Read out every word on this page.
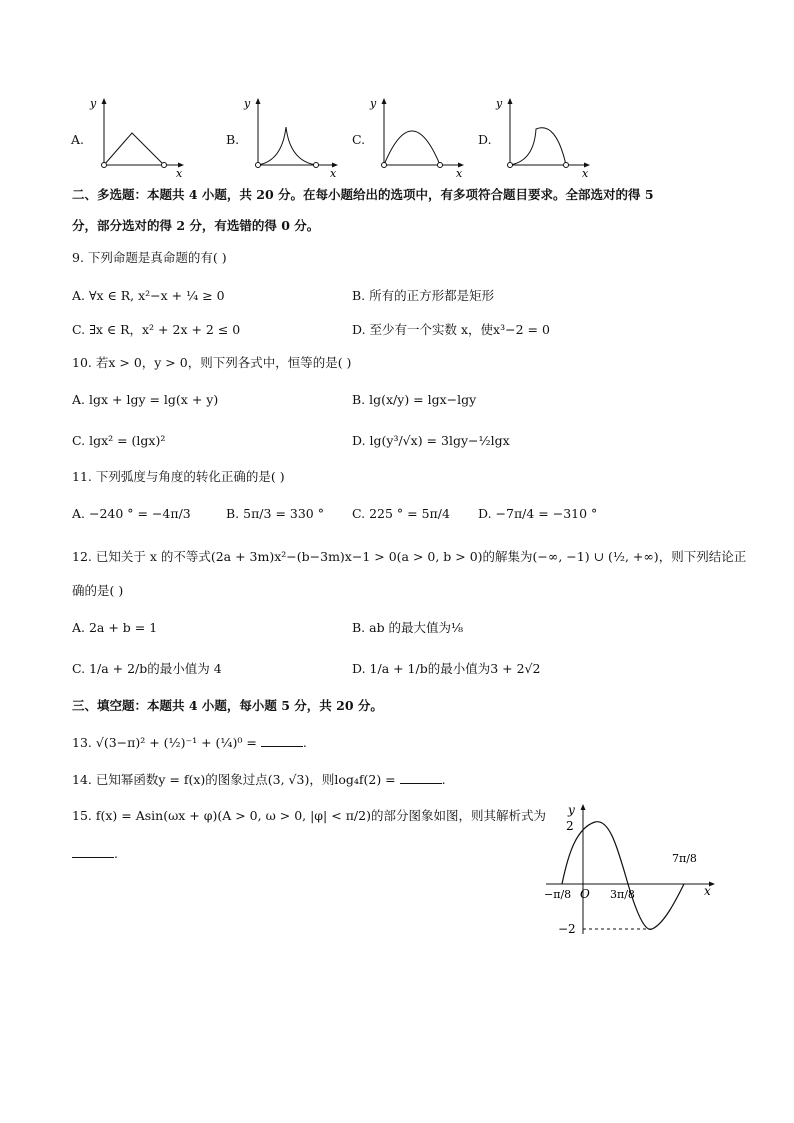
A.
y
x
B.
y
x
C.
y
x
D.
y
x
二、多选题：本题共 4 小题，共 20 分。在每小题给出的选项中，有多项符合题目要求。全部选对的得 5
分，部分选对的得 2 分，有选错的得 0 分。
9. 下列命题是真命题的有( )
A. ∀x ∈ R, x²−x + ¼ ≥ 0	B. 所有的正方形都是矩形
C. ∃x ∈ R，x² + 2x + 2 ≤ 0	D. 至少有一个实数 x，使x³−2 = 0
10. 若x > 0，y > 0，则下列各式中，恒等的是( )
A. lgx + lgy = lg(x + y)	B. lg(x/y) = lgx−lgy
C. lgx² = (lgx)²	D. lg(y³/√x) = 3lgy−½lgx
11. 下列弧度与角度的转化正确的是( )
A. −240 ° = −4π/3	B. 5π/3 = 330 ° C. 225 ° = 5π/4 D. −7π/4 = −310 °
12. 已知关于 x 的不等式(2a + 3m)x²−(b−3m)x−1 > 0(a > 0, b > 0)的解集为(−∞, −1) ∪ (½, +∞)，则下列结论正
确的是( )
A. 2a + b = 1	B. ab 的最大值为⅛
C. 1/a + 2/b的最小值为 4	D. 1/a + 1/b的最小值为3 + 2√2
三、填空题：本题共 4 小题，每小题 5 分，共 20 分。
13. √(3−π)² + (½)⁻¹ + (¼)⁰ =	.
14. 已知幂函数y = f(x)的图象过点(3, √3)，则log₄f(2) =	.
15. f(x) = Asin(ωx + φ)(A > 0, ω > 0, |φ| < π/2)的部分图象如图，则其解析式为
.
y
2
−2
O	x
−π/8	3π/8
7π/8
